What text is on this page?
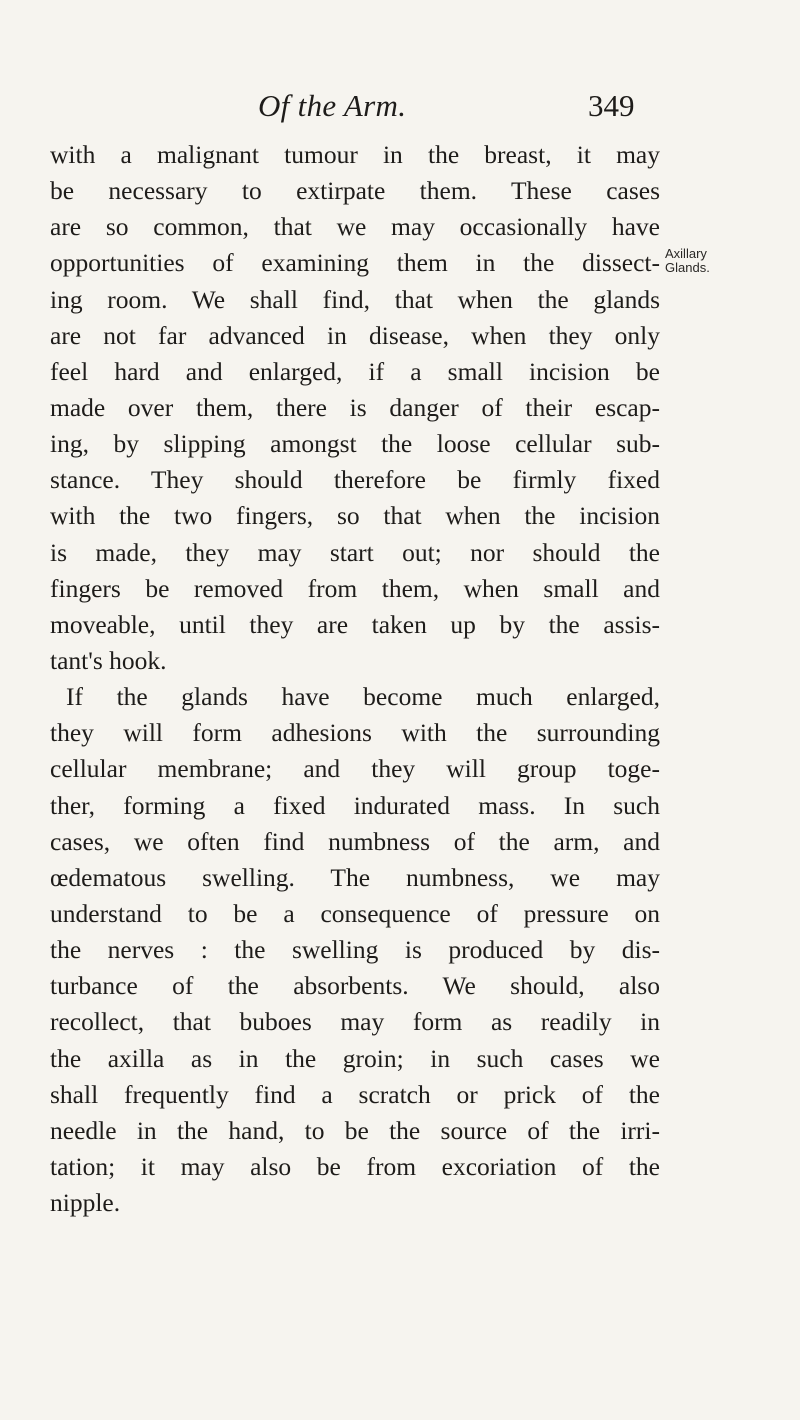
Of the Arm.	349
Axillary
Glands.
with a malignant tumour in the breast, it may
be necessary to extirpate them. These cases
are so common, that we may occasionally have
opportunities of examining them in the dissect-
ing room. We shall find, that when the glands
are not far advanced in disease, when they only
feel hard and enlarged, if a small incision be
made over them, there is danger of their escap-
ing, by slipping amongst the loose cellular sub-
stance. They should therefore be firmly fixed
with the two fingers, so that when the incision
is made, they may start out; nor should the
fingers be removed from them, when small and
moveable, until they are taken up by the assis-
tant's hook.
If the glands have become much enlarged,
they will form adhesions with the surrounding
cellular membrane; and they will group toge-
ther, forming a fixed indurated mass. In such
cases, we often find numbness of the arm, and
œdematous swelling. The numbness, we may
understand to be a consequence of pressure on
the nerves : the swelling is produced by dis-
turbance of the absorbents. We should, also
recollect, that buboes may form as readily in
the axilla as in the groin; in such cases we
shall frequently find a scratch or prick of the
needle in the hand, to be the source of the irri-
tation; it may also be from excoriation of the
nipple.
